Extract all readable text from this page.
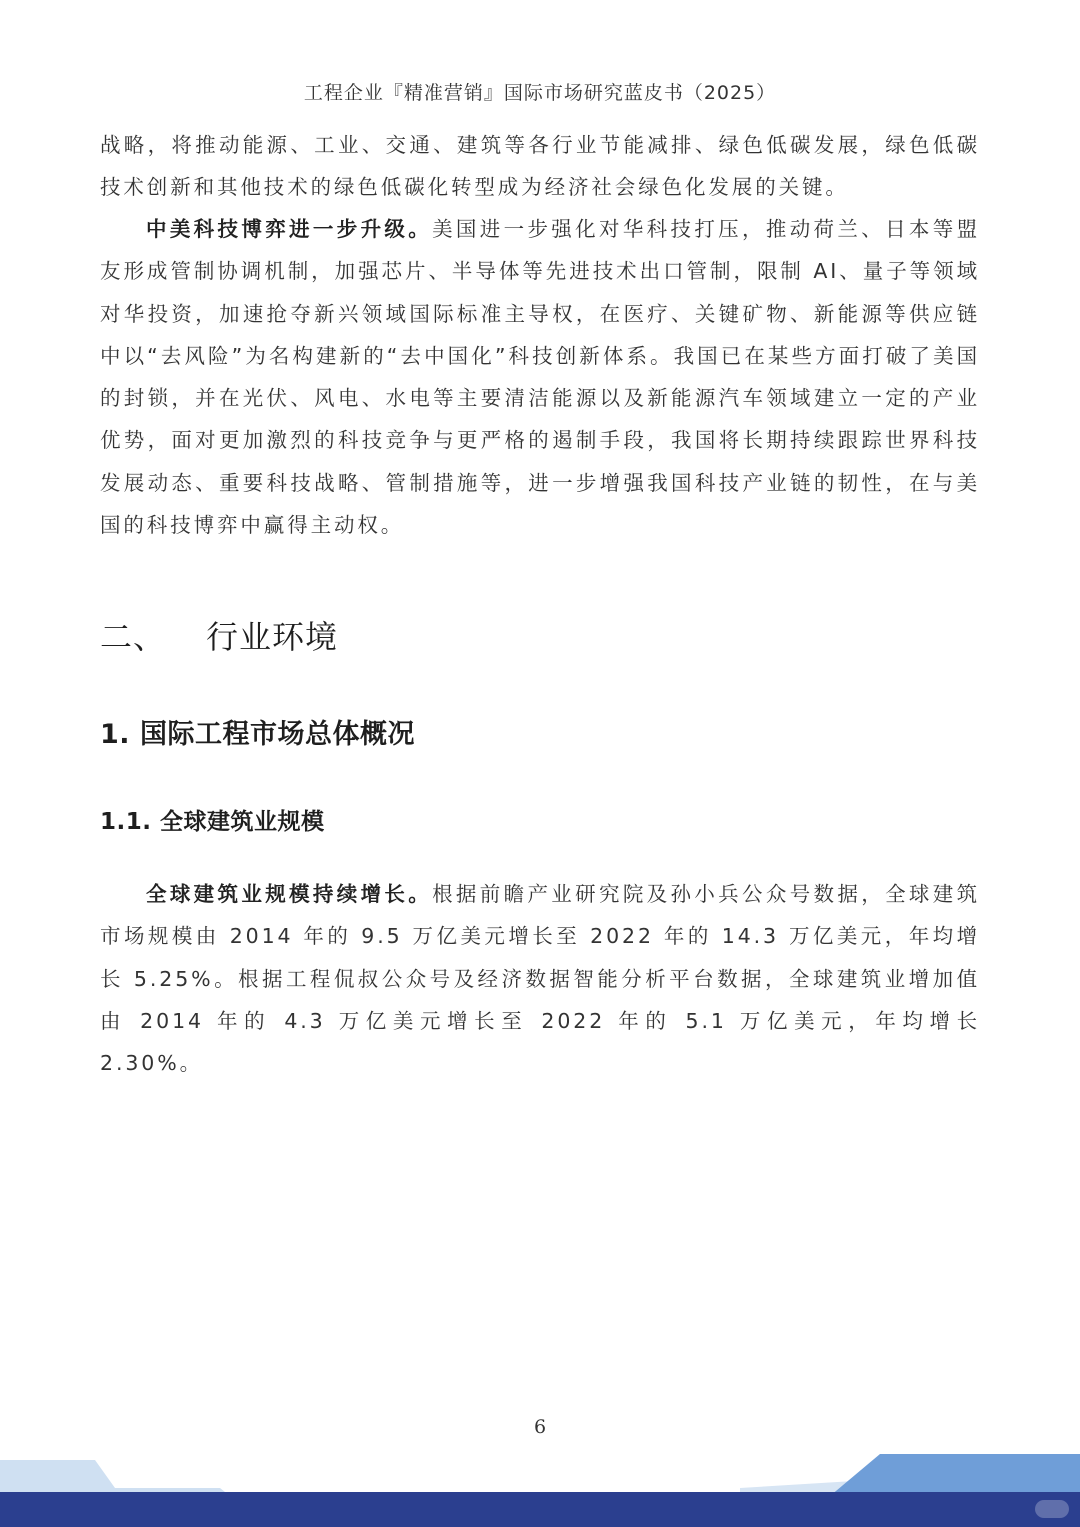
工程企业『精准营销』国际市场研究蓝皮书（2025）

战略，将推动能源、工业、交通、建筑等各行业节能减排、绿色低碳发展，绿色低碳技术创新和其他技术的绿色低碳化转型成为经济社会绿色化发展的关键。

中美科技博弈进一步升级。美国进一步强化对华科技打压，推动荷兰、日本等盟友形成管制协调机制，加强芯片、半导体等先进技术出口管制，限制 AI、量子等领域对华投资，加速抢夺新兴领域国际标准主导权，在医疗、关键矿物、新能源等供应链中以“去风险”为名构建新的“去中国化”科技创新体系。我国已在某些方面打破了美国的封锁，并在光伏、风电、水电等主要清洁能源以及新能源汽车领域建立一定的产业优势，面对更加激烈的科技竞争与更严格的遏制手段，我国将长期持续跟踪世界科技发展动态、重要科技战略、管制措施等，进一步增强我国科技产业链的韧性，在与美国的科技博弈中赢得主动权。

二、 行业环境
1. 国际工程市场总体概况
1.1. 全球建筑业规模

全球建筑业规模持续增长。根据前瞻产业研究院及孙小兵公众号数据，全球建筑市场规模由 2014 年的 9.5 万亿美元增长至 2022 年的 14.3 万亿美元，年均增长 5.25%。根据工程侃叔公众号及经济数据智能分析平台数据，全球建筑业增加值由 2014 年的 4.3 万亿美元增长至 2022 年的 5.1 万亿美元，年均增长 2.30%。

6
